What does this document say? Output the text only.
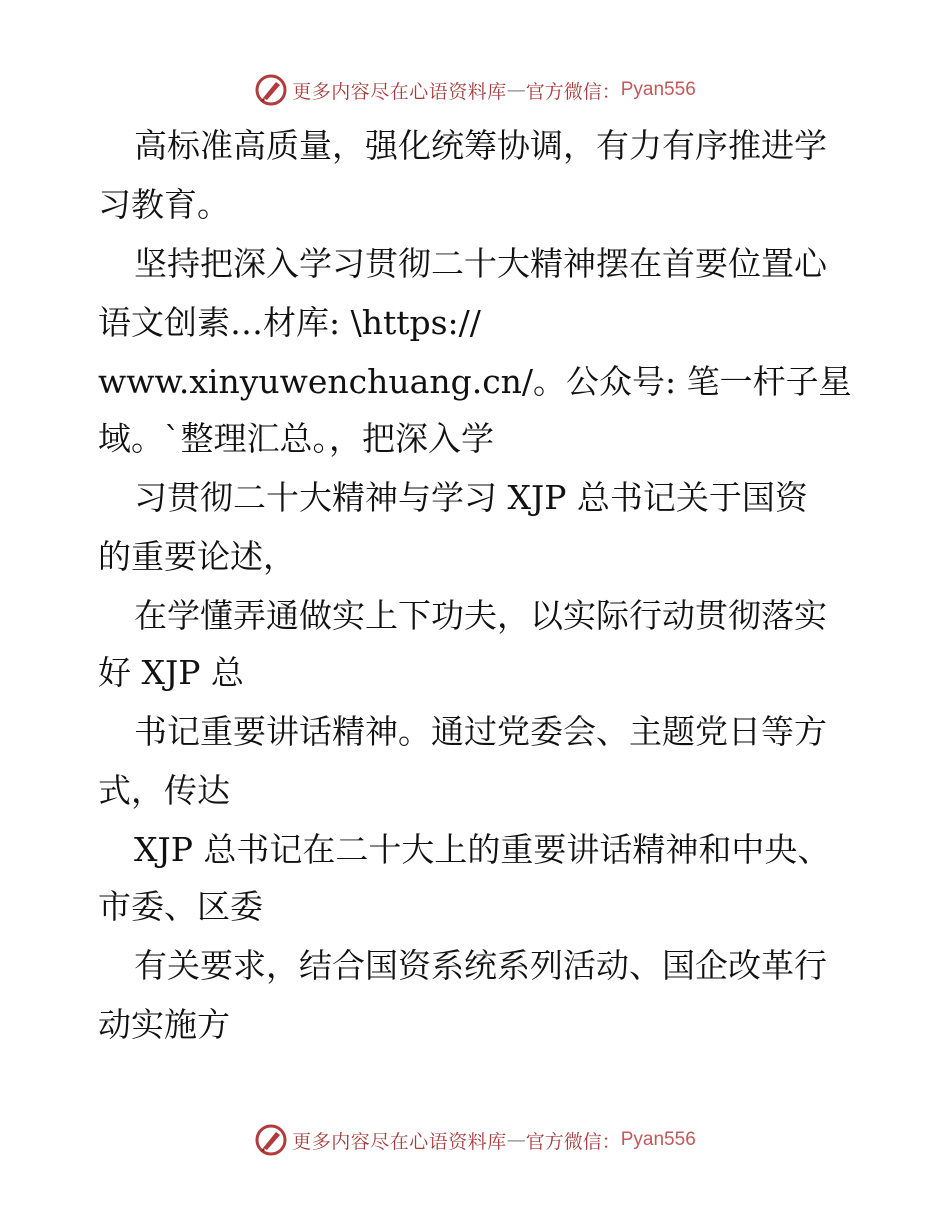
更多内容尽在心语资料库 — 官方微信： Pyan556
高标准高质量，强化统筹协调，有力有序推进学
习教育。
坚持把深入学习贯彻二十大精神摆在首要位置心
语文创素…材库: \https://
www.xinyuwenchuang.cn/。公众号: 笔一杆子星
域。`整理汇总。，把深入学
习贯彻二十大精神与学习 XJP 总书记关于国资
的重要论述，
在学懂弄通做实上下功夫，以实际行动贯彻落实
好 XJP 总
书记重要讲话精神。通过党委会、主题党日等方
式，传达
XJP 总书记在二十大上的重要讲话精神和中央、
市委、区委
有关要求，结合国资系统系列活动、国企改革行
动实施方
更多内容尽在心语资料库 — 官方微信： Pyan556
